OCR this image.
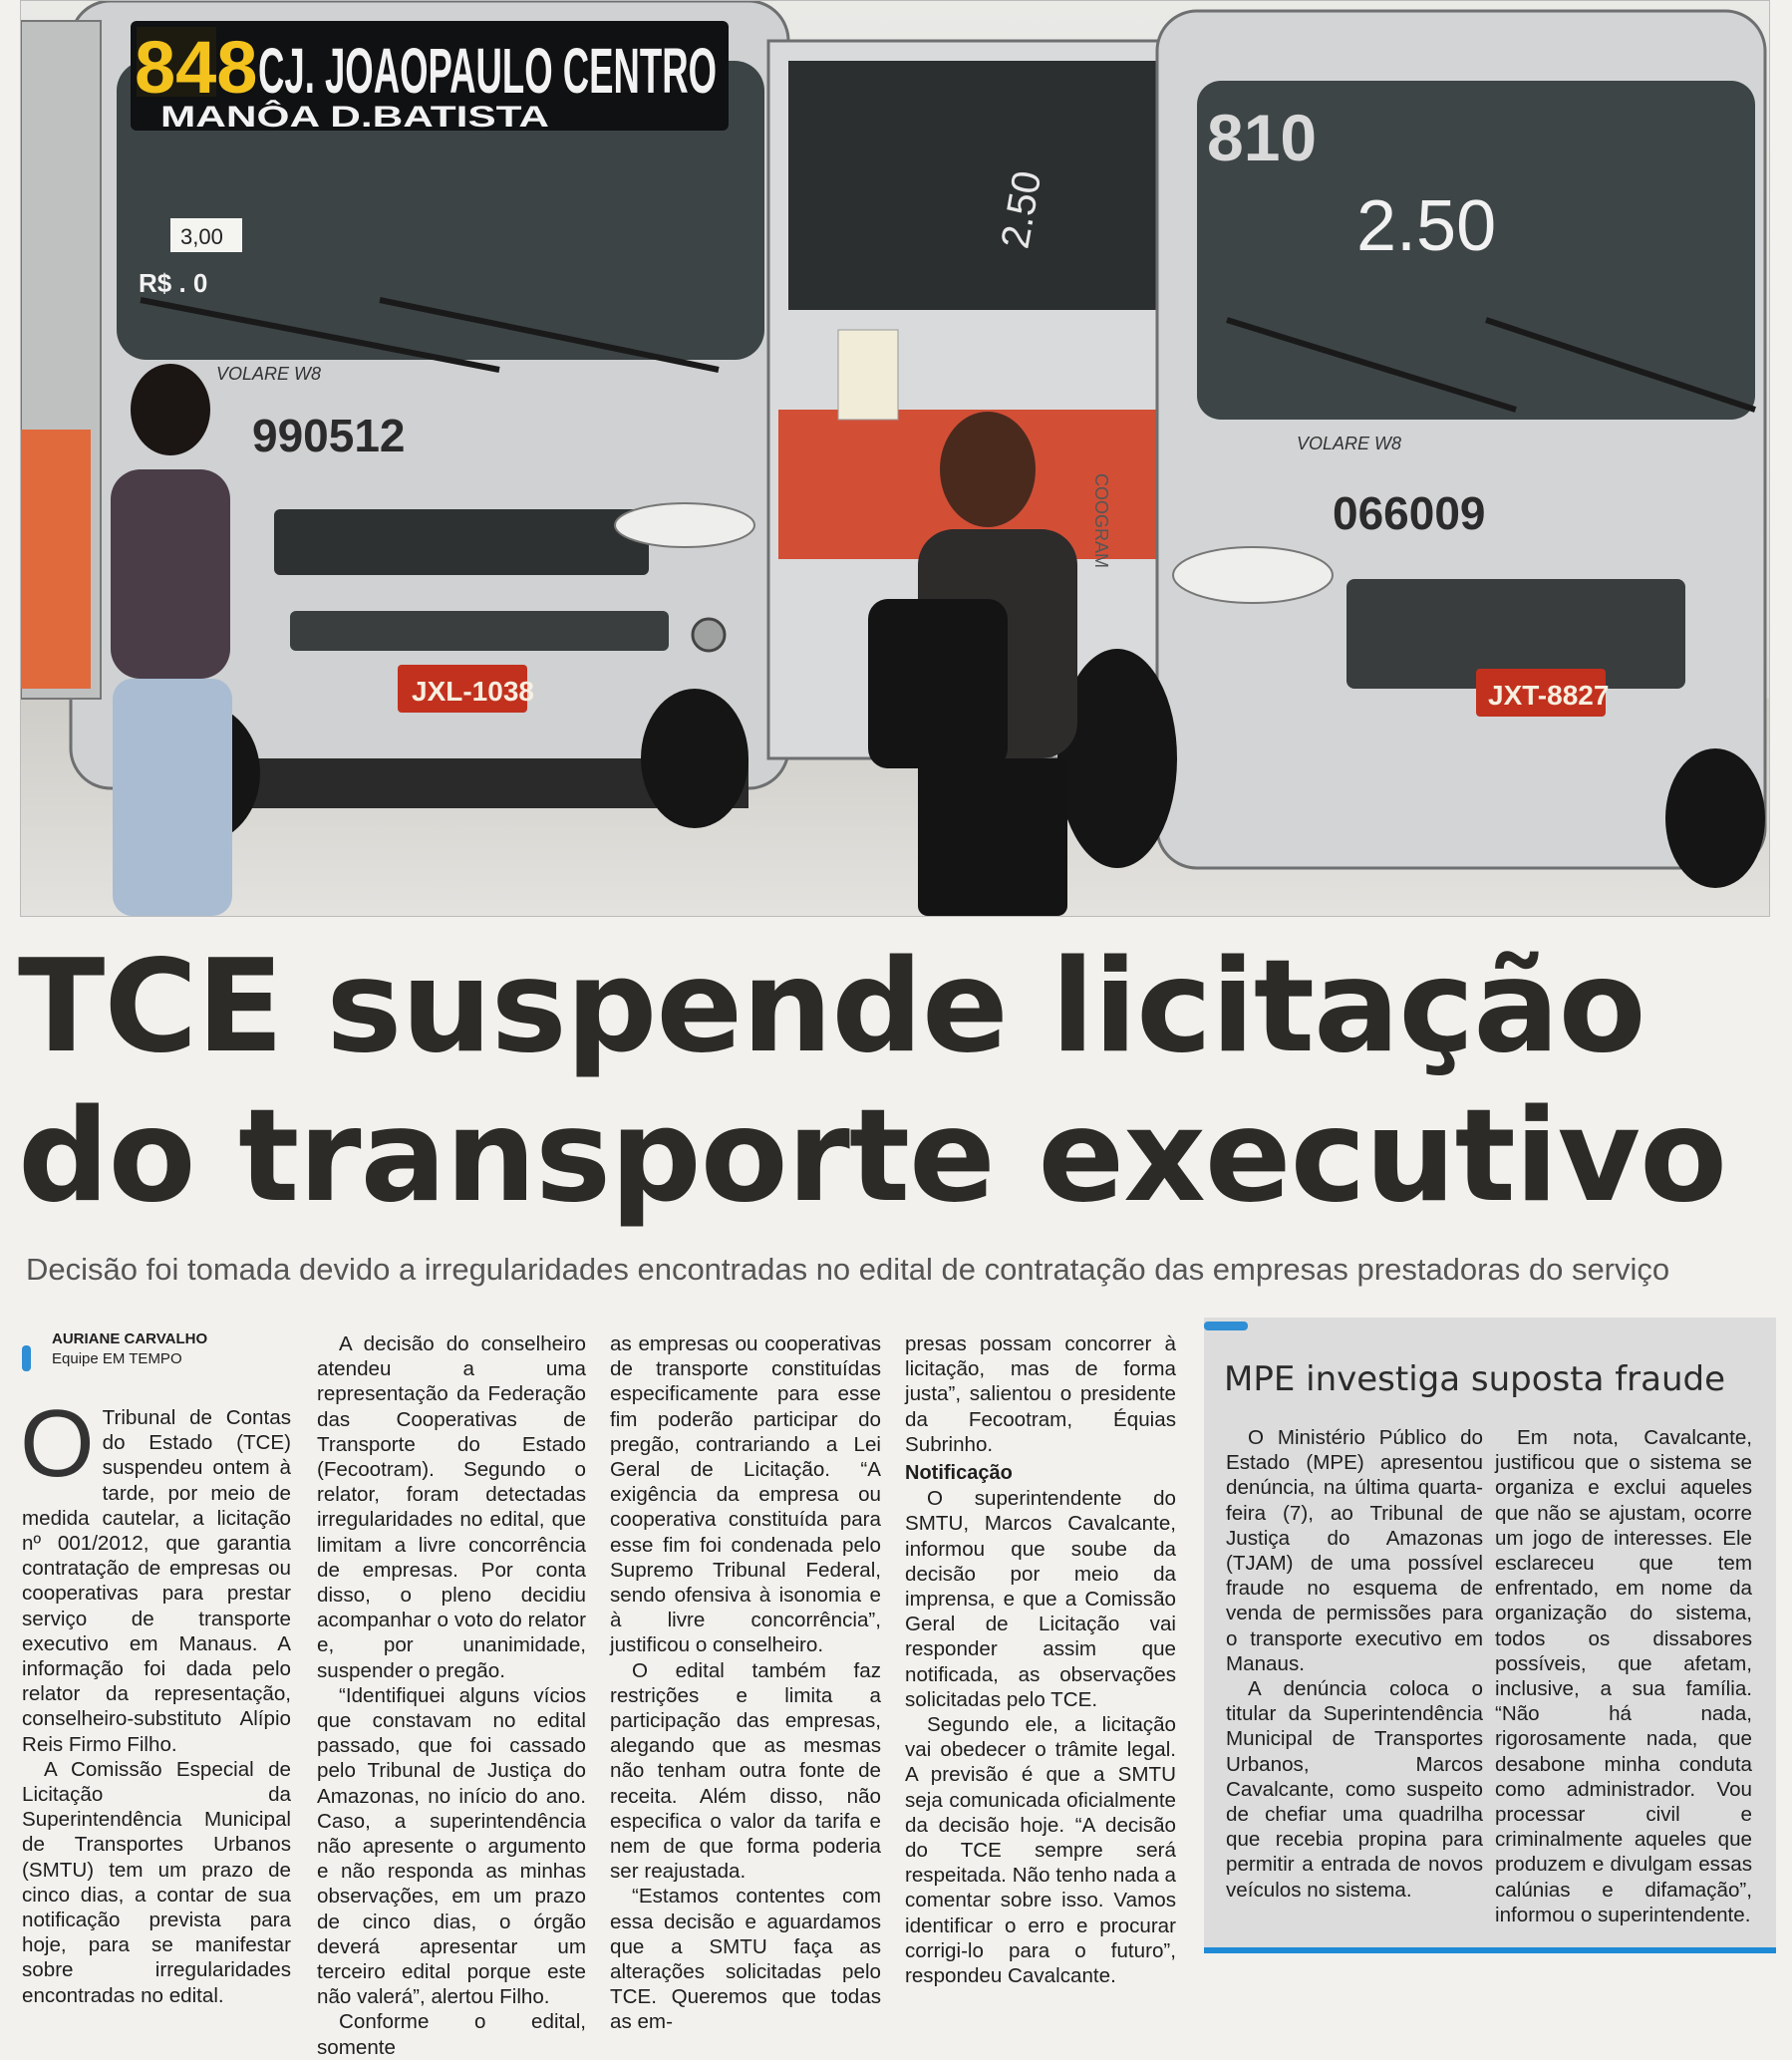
848 CJ. JOAOPAULO CENTRO
MANÔA D.BATISTA
3,00
R$ . 0
VOLARE W8
990512
JXL-1038
2.50
COOGRAM
810
2.50
VOLARE W8
066009
JXT-8827
TCE suspende licitação
do transporte executivo
Decisão foi tomada devido a irregularidades encontradas no edital de contratação das empresas prestadoras do serviço
AURIANE CARVALHO
Equipe EM TEMPO
O Tribunal de Contas do Estado (TCE) suspendeu ontem à tarde, por meio de medida cautelar, a licitação nº 001/2012, que garantia contratação de empresas ou cooperativas para prestar serviço de transporte executivo em Manaus. A informação foi dada pelo relator da representação, conselheiro-substituto Alípio Reis Firmo Filho.

A Comissão Especial de Licitação da Superintendência Municipal de Transportes Urbanos (SMTU) tem um prazo de cinco dias, a contar de sua notificação prevista para hoje, para se manifestar sobre irregularidades encontradas no edital.

A decisão do conselheiro atendeu a uma representação da Federação das Cooperativas de Transporte do Estado (Fecootram). Segundo o relator, foram detectadas irregularidades no edital, que limitam a livre concorrência de empresas. Por conta disso, o pleno decidiu acompanhar o voto do relator e, por unanimidade, suspender o pregão.

“Identifiquei alguns vícios que constavam no edital passado, que foi cassado pelo Tribunal de Justiça do Amazonas, no início do ano. Caso, a superintendência não apresente o argumento e não responda as minhas observações, em um prazo de cinco dias, o órgão deverá apresentar um terceiro edital porque este não valerá”, alertou Filho.

Conforme o edital, somente

as empresas ou cooperativas de transporte constituídas especificamente para esse fim poderão participar do pregão, contrariando a Lei Geral de Licitação. “A exigência da empresa ou cooperativa constituída para esse fim foi condenada pelo Supremo Tribunal Federal, sendo ofensiva à isonomia e à livre concorrência”, justificou o conselheiro.

O edital também faz restrições e limita a participação das empresas, alegando que as mesmas não tenham outra fonte de receita. Além disso, não especifica o valor da tarifa e nem de que forma poderia ser reajustada.

“Estamos contentes com essa decisão e aguardamos que a SMTU faça as alterações solicitadas pelo TCE. Queremos que todas as em-

presas possam concorrer à licitação, mas de forma justa”, salientou o presidente da Fecootram, Équias Subrinho.

Notificação

O superintendente do SMTU, Marcos Cavalcante, informou que soube da decisão por meio da imprensa, e que a Comissão Geral de Licitação vai responder assim que notificada, as observações solicitadas pelo TCE.

Segundo ele, a licitação vai obedecer o trâmite legal. A previsão é que a SMTU seja comunicada oficialmente da decisão hoje. “A decisão do TCE sempre será respeitada. Não tenho nada a comentar sobre isso. Vamos identificar o erro e procurar corrigi-lo para o futuro”, respondeu Cavalcante.

MPE investiga suposta fraude

O Ministério Público do Estado (MPE) apresentou denúncia, na última quarta-feira (7), ao Tribunal de Justiça do Amazonas (TJAM) de uma possível fraude no esquema de venda de permissões para o transporte executivo em Manaus.

A denúncia coloca o titular da Superintendência Municipal de Transportes Urbanos, Marcos Cavalcante, como suspeito de chefiar uma quadrilha que recebia propina para permitir a entrada de novos veículos no sistema.

Em nota, Cavalcante, justificou que o sistema se organiza e exclui aqueles que não se ajustam, ocorre um jogo de interesses. Ele esclareceu que tem enfrentado, em nome da organização do sistema, todos os dissabores possíveis, que afetam, inclusive, a sua família. “Não há nada, rigorosamente nada, que desabone minha conduta como administrador. Vou processar civil e criminalmente aqueles que produzem e divulgam essas calúnias e difamação”, informou o superintendente.
